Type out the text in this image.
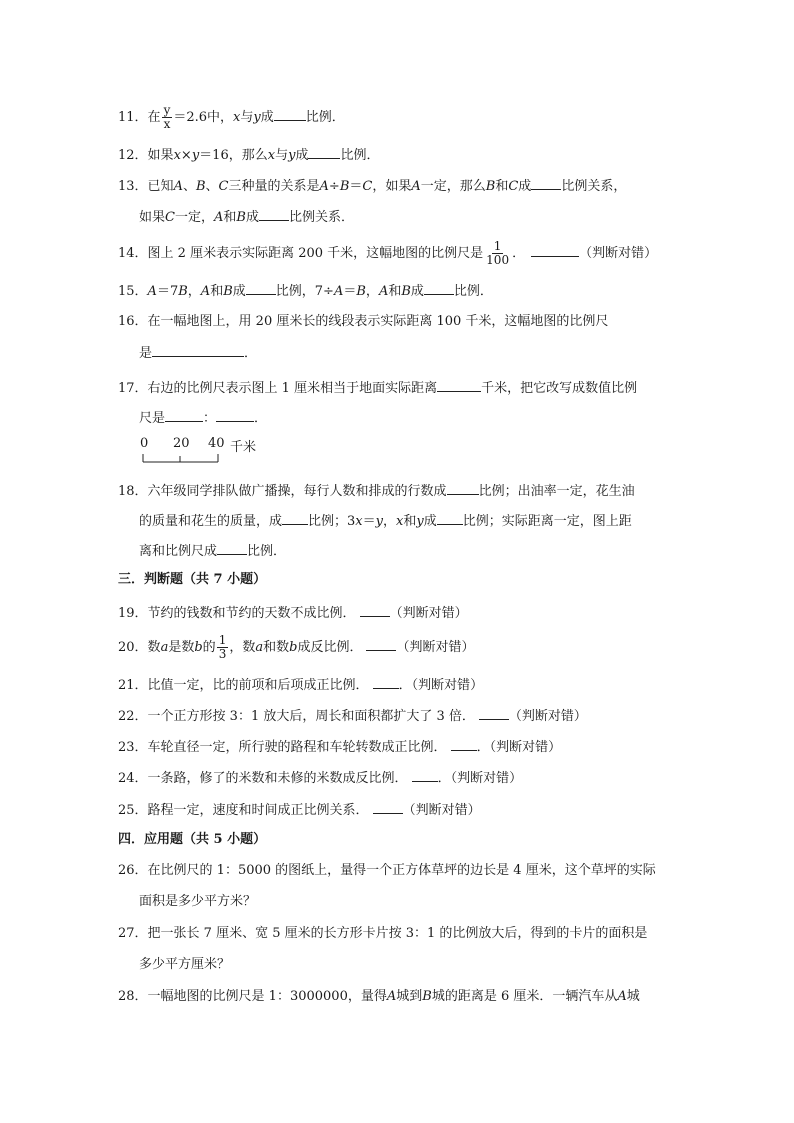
11．在 $\frac{y}{x} =2.6$中，x与y成 比例．
12．如果x×y＝16，那么x与y成 比例．
13．已知A、B、C三种量的关系是A÷B＝C，如果A一定，那么B和C成 比例关系，
如果C一定，A和B成 比例关系．
14．图上 2 厘米表示实际距离 200 千米，这幅地图的比例尺是 $\frac{1}{100}$ ．	（判断对错）
15．A＝7B，A和B成 比例，7÷A＝B，A和B成 比例．
16．在一幅地图上，用 20 厘米长的线段表示实际距离 100 千米，这幅地图的比例尺
是	．
17．右边的比例尺表示图上 1 厘米相当于地面实际距离	千米，把它改写成数值比例
尺是	：	．
0 20 40 千米
18．六年级同学排队做广播操，每行人数和排成的行数成 比例；出油率一定，花生油
的质量和花生的质量，成 比例；3x＝y，x和y成 比例；实际距离一定，图上距
离和比例尺成 比例．
三．判断题（共 7 小题）
19．节约的钱数和节约的天数不成比例．	（判断对错）
20．数a是数b的 $\frac{1}{3}$ ，数a和数b成反比例．	（判断对错）
21．比值一定，比的前项和后项成正比例． ．（判断对错）
22．一个正方形按 3：1 放大后，周长和面积都扩大了 3 倍．	（判断对错）
23．车轮直径一定，所行驶的路程和车轮转数成正比例． ．（判断对错）
24．一条路，修了的米数和未修的米数成反比例． ．（判断对错）
25．路程一定，速度和时间成正比例关系．	（判断对错）
四．应用题（共 5 小题）
26．在比例尺的 1：5000 的图纸上，量得一个正方体草坪的边长是 4 厘米，这个草坪的实际
面积是多少平方米？
27．把一张长 7 厘米、宽 5 厘米的长方形卡片按 3：1 的比例放大后，得到的卡片的面积是
多少平方厘米？
28．一幅地图的比例尺是 1：3000000，量得A城到B城的距离是 6 厘米．一辆汽车从A城
